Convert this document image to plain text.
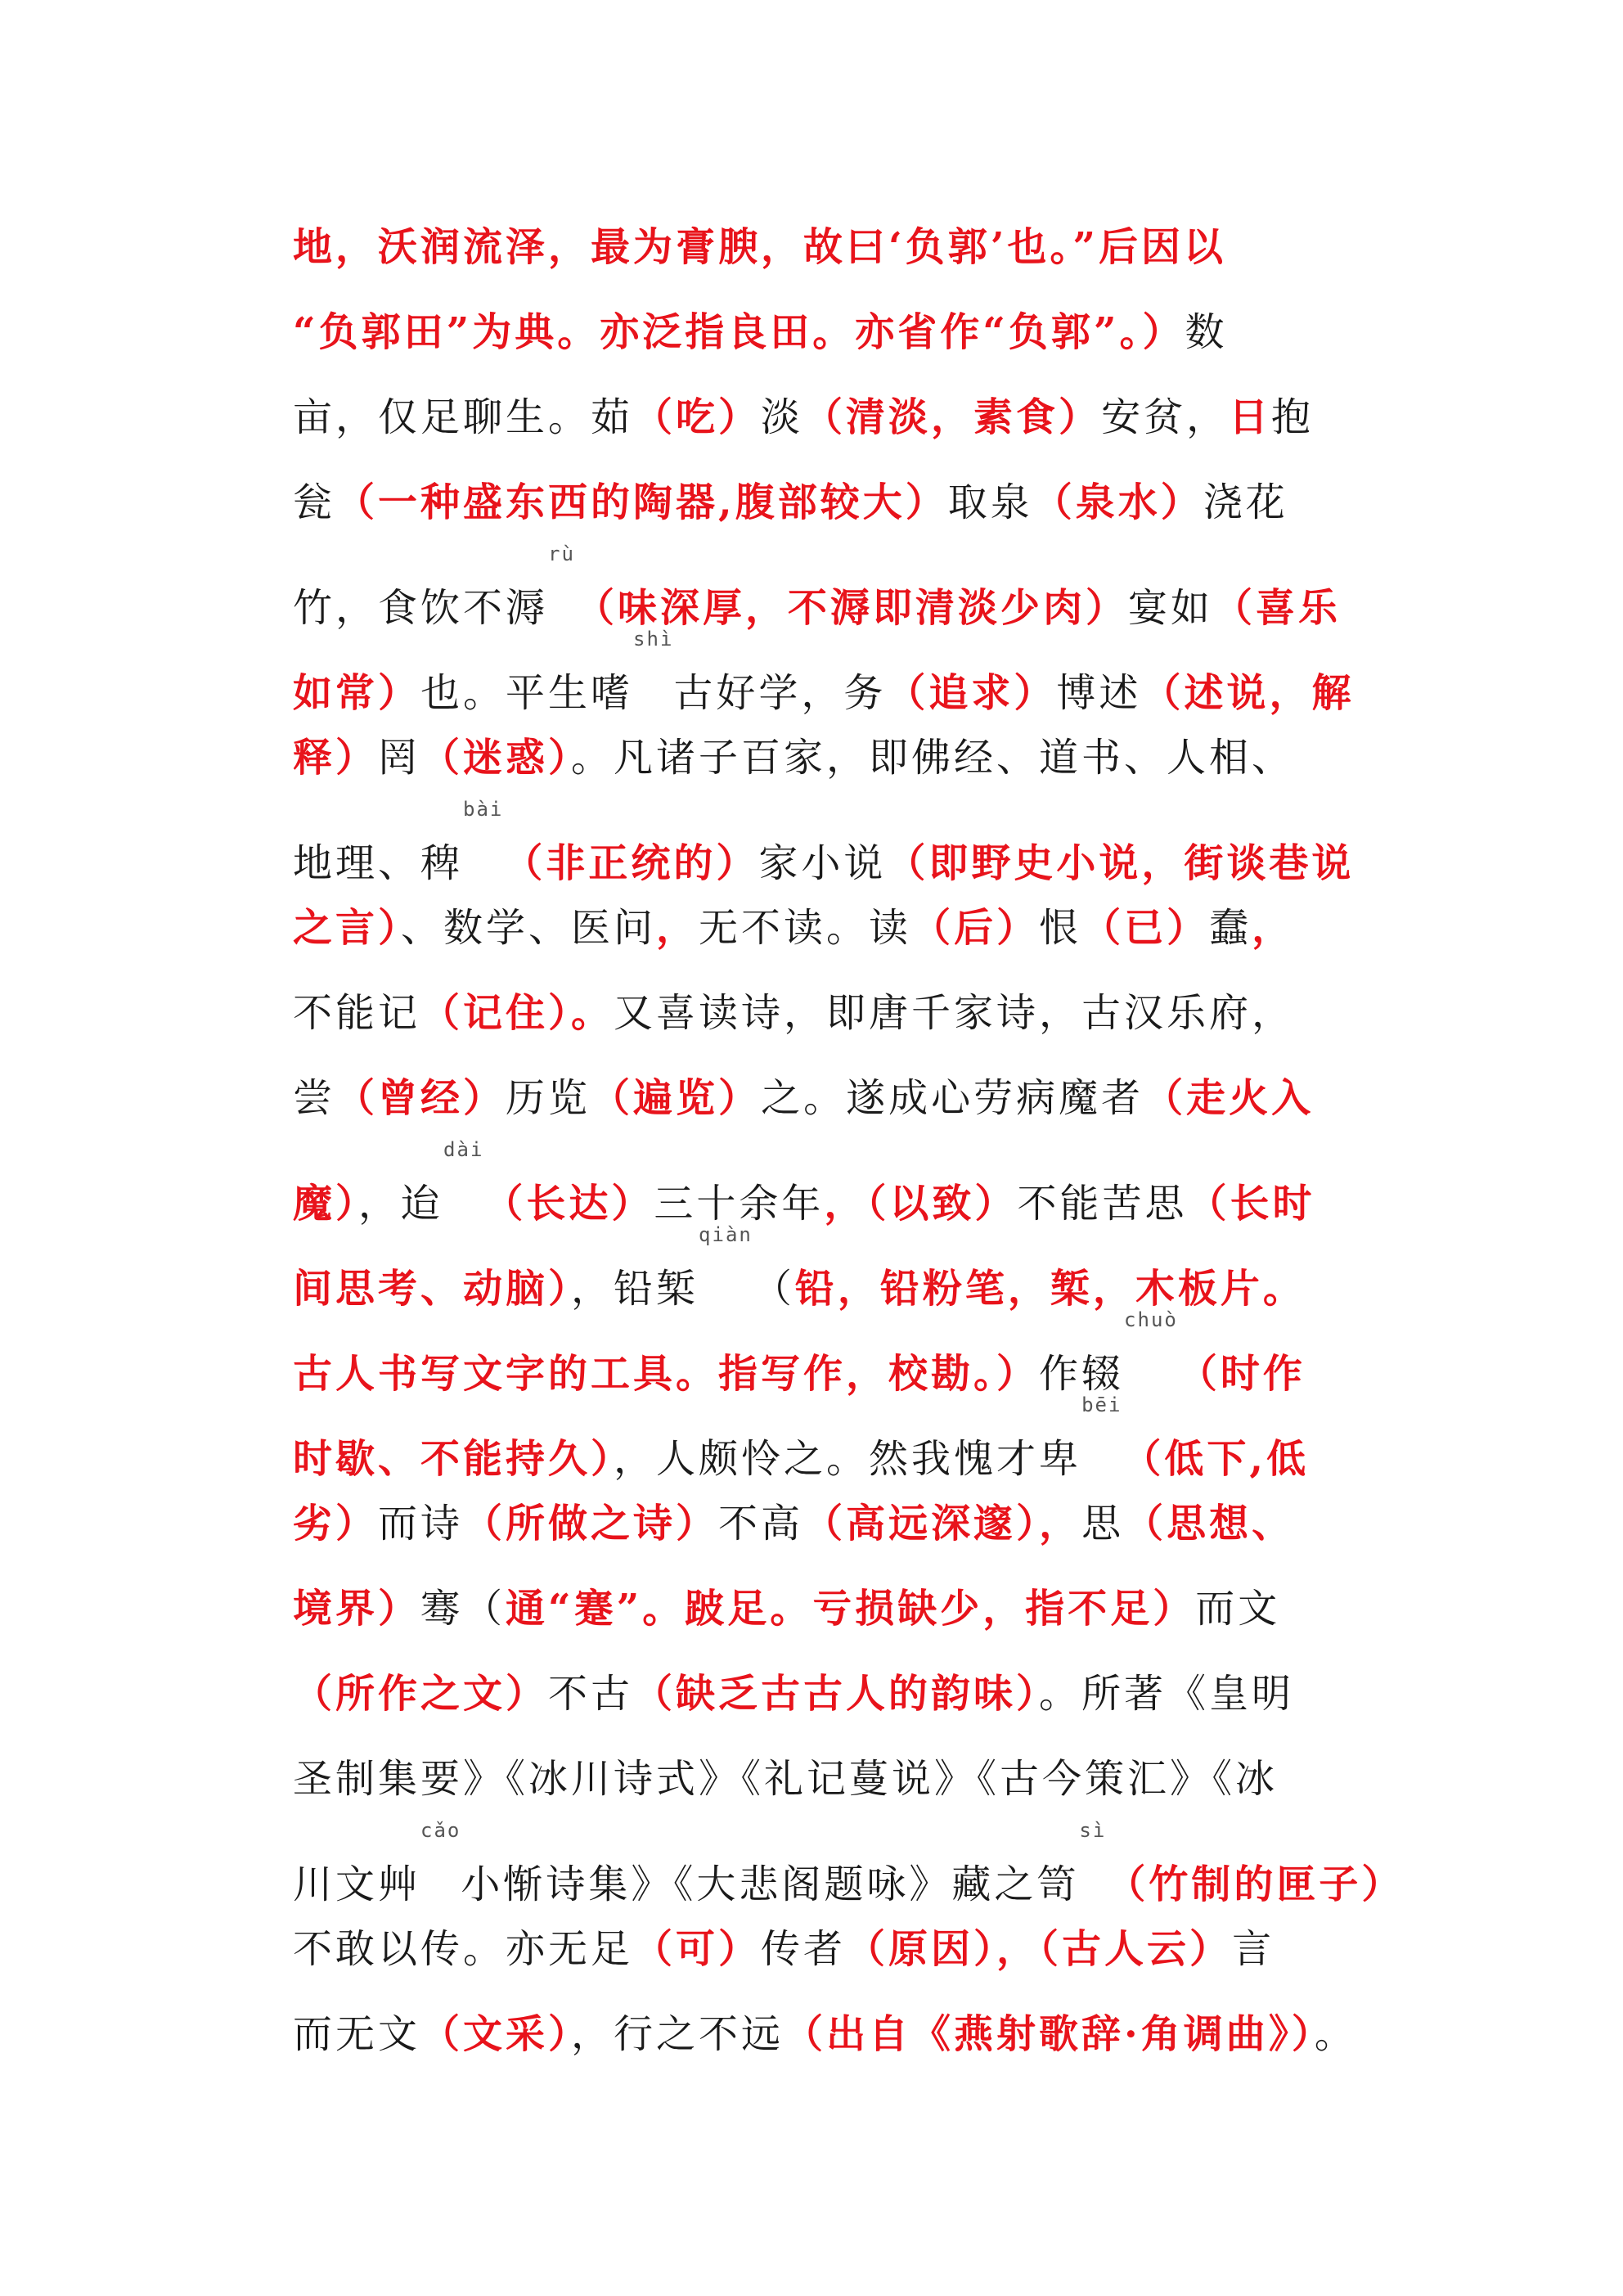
地，沃润流泽，最为膏腴，故曰‘负郭’也。”后因以
“负郭田”为典。亦泛指良田。亦省作“负郭”。）数
亩，仅足聊生。茹（吃）淡（清淡，素食）安贫，日抱
瓮（一种盛东西的陶器,腹部较大）取泉（泉水）浇花
竹，食饮不溽rù（味深厚，不溽即清淡少肉）宴如（喜乐
如常）也。平生嗜shì古好学，务（追求）博述（述说，解
释）罔（迷惑）。凡诸子百家，即佛经、道书、人相、
地理、稗bài（非正统的）家小说（即野史小说，街谈巷说
之言）、数学、医问，无不读。读（后）恨（已）蠢，
不能记（记住）。又喜读诗，即唐千家诗，古汉乐府，
尝（曾经）历览（遍览）之。遂成心劳病魔者（走火入
魔），迨dài（长达）三十余年，（以致）不能苦思（长时
间思考、动脑），铅椠qiàn（铅，铅粉笔，椠，木板片。
古人书写文字的工具。指写作，校勘。）作辍chuò（时作
时歇、不能持久），人颇怜之。然我愧才卑bēi（低下,低
劣）而诗（所做之诗）不高（高远深邃），思（思想、
境界）骞（通“蹇”。跛足。亏损缺少，指不足）而文
（所作之文）不古（缺乏古古人的韵味）。所著《皇明
圣制集要》《冰川诗式》《礼记蔓说》《古今策汇》《冰
川文艸cǎo小惭诗集》《大悲阁题咏》藏之笥sì（竹制的匣子）
不敢以传。亦无足（可）传者（原因），（古人云）言
而无文（文采），行之不远（出自《燕射歌辞·角调曲》）。
